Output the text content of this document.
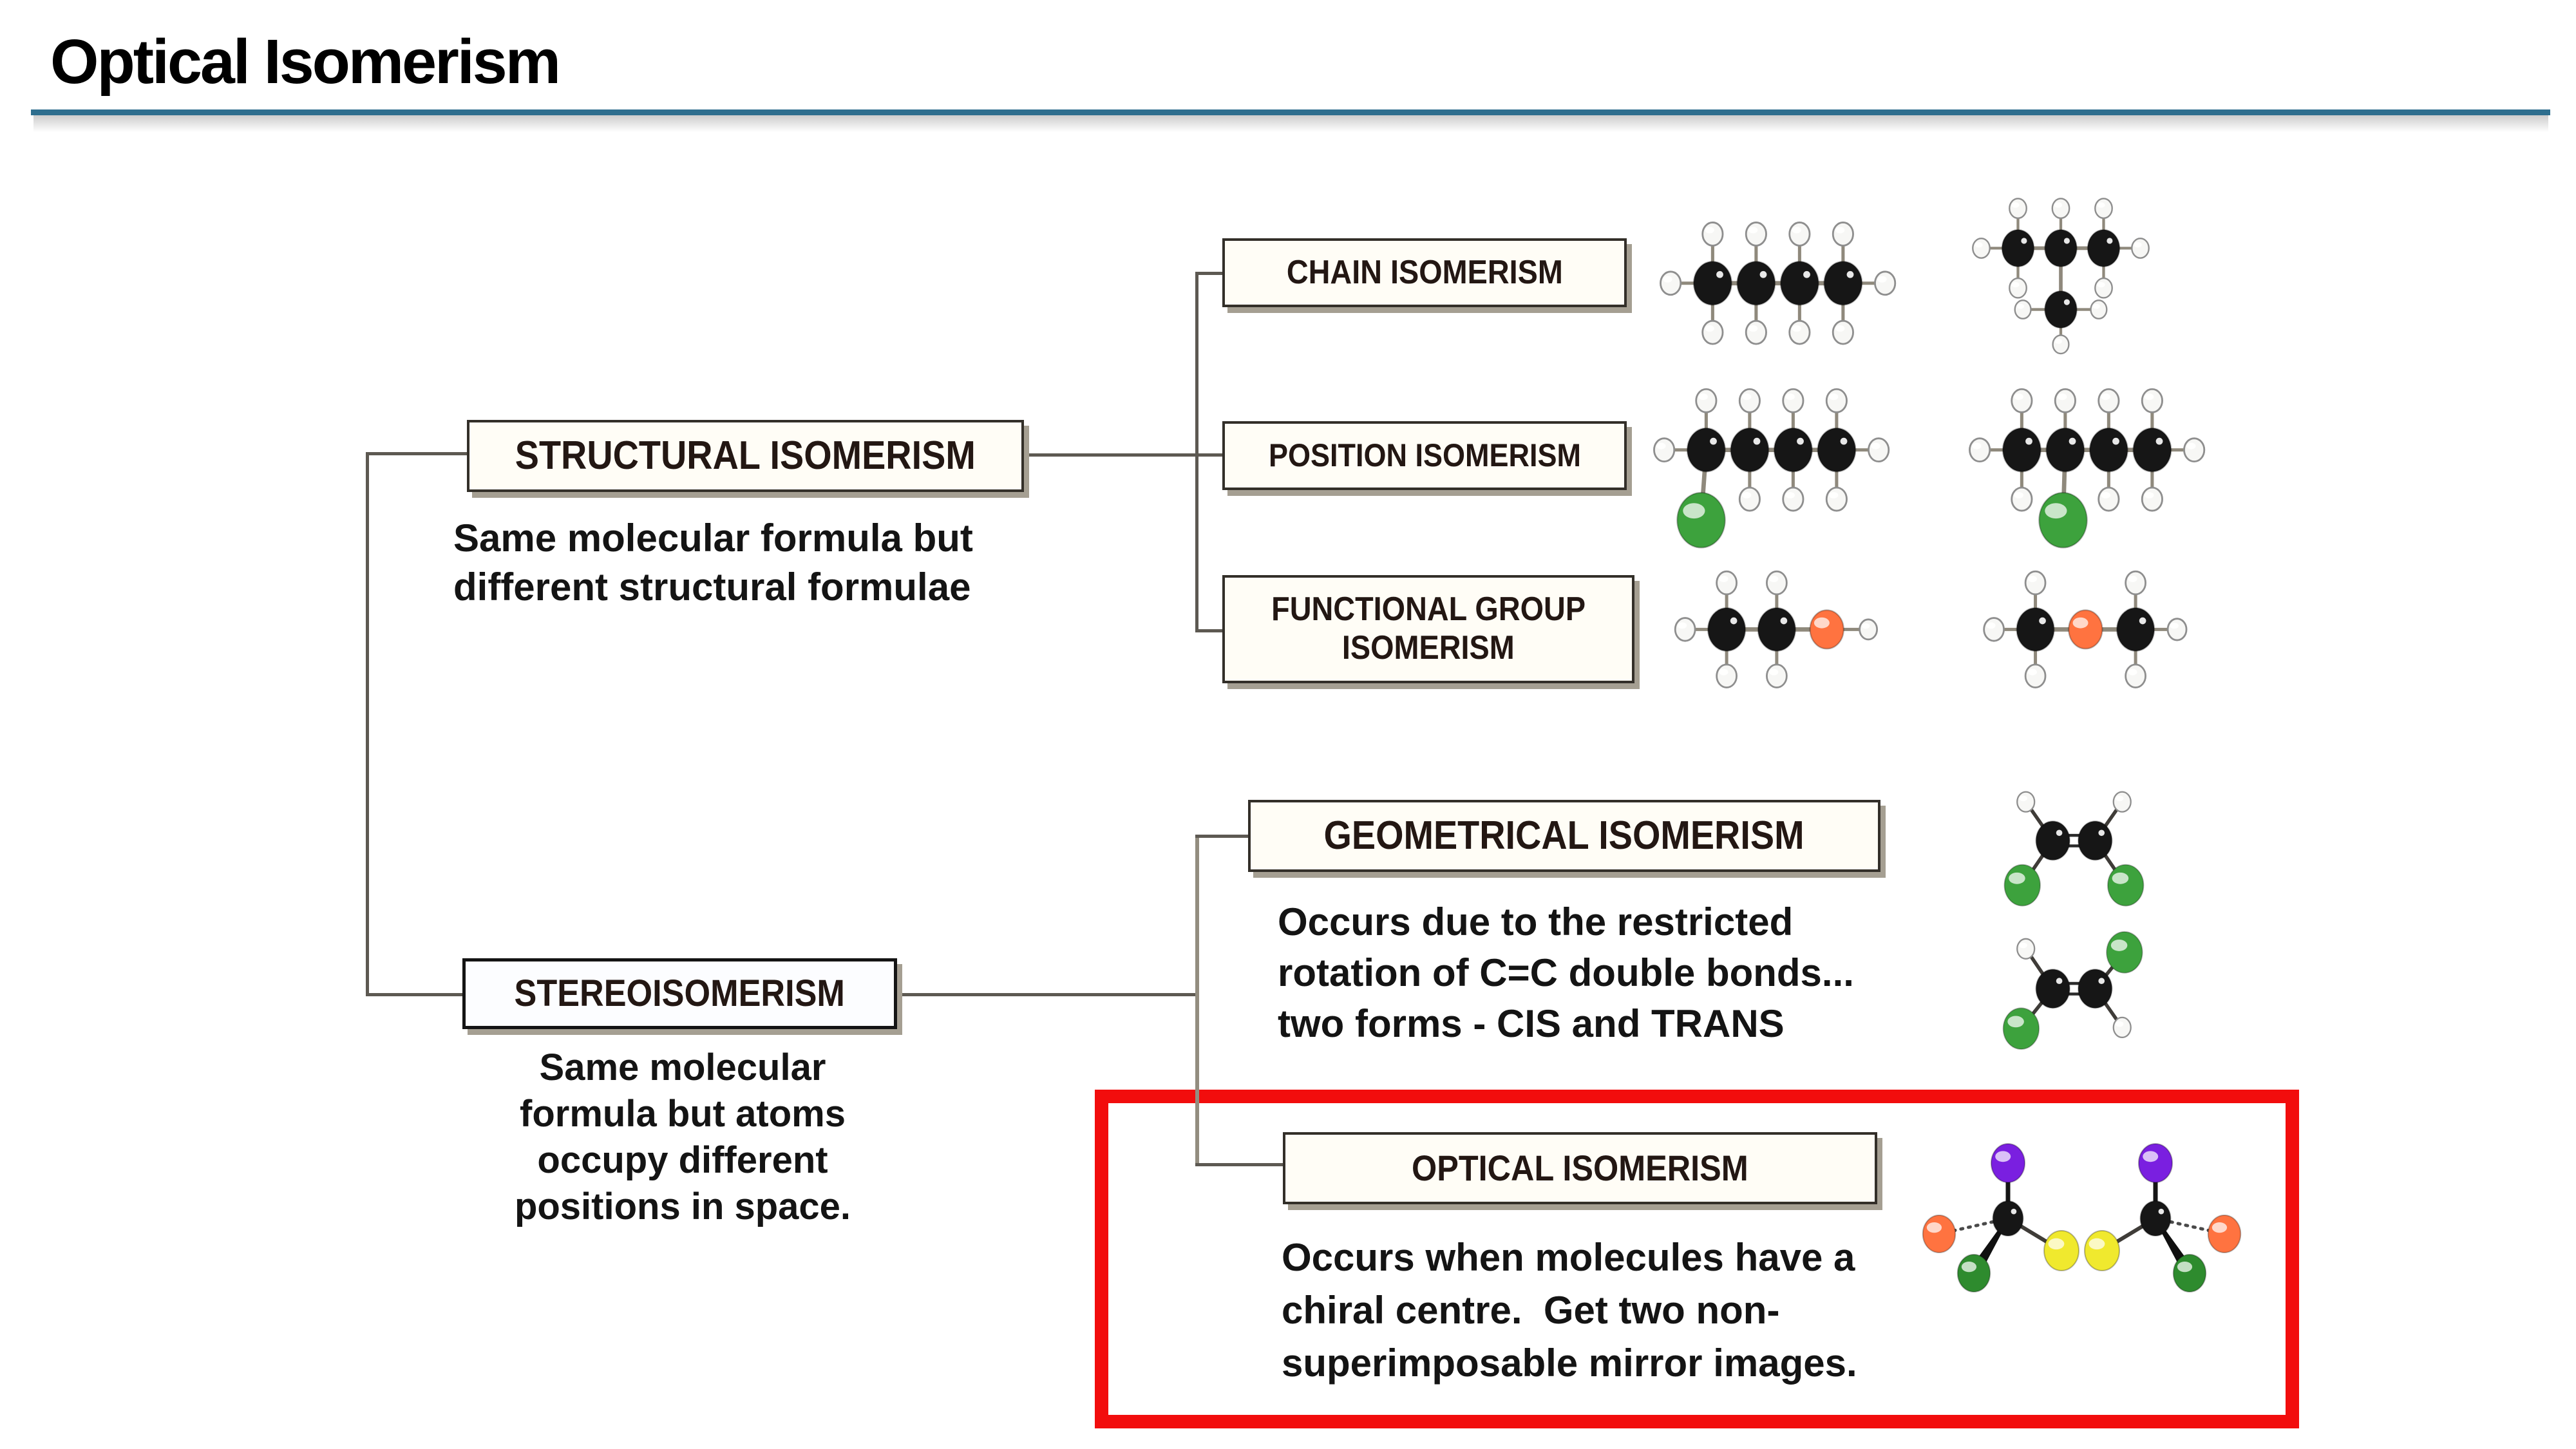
Optical Isomerism
STRUCTURAL ISOMERISM
CHAIN ISOMERISM
POSITION ISOMERISM
FUNCTIONAL GROUP
ISOMERISM
STEREOISOMERISM
GEOMETRICAL ISOMERISM
OPTICAL ISOMERISM
Same molecular formula but
different structural formulae
Same molecular
formula but atoms
occupy different
positions in space.
Occurs due to the restricted
rotation of C=C double bonds...
two forms - CIS and TRANS
Occurs when molecules have a
chiral centre.  Get two non-
superimposable mirror images.
